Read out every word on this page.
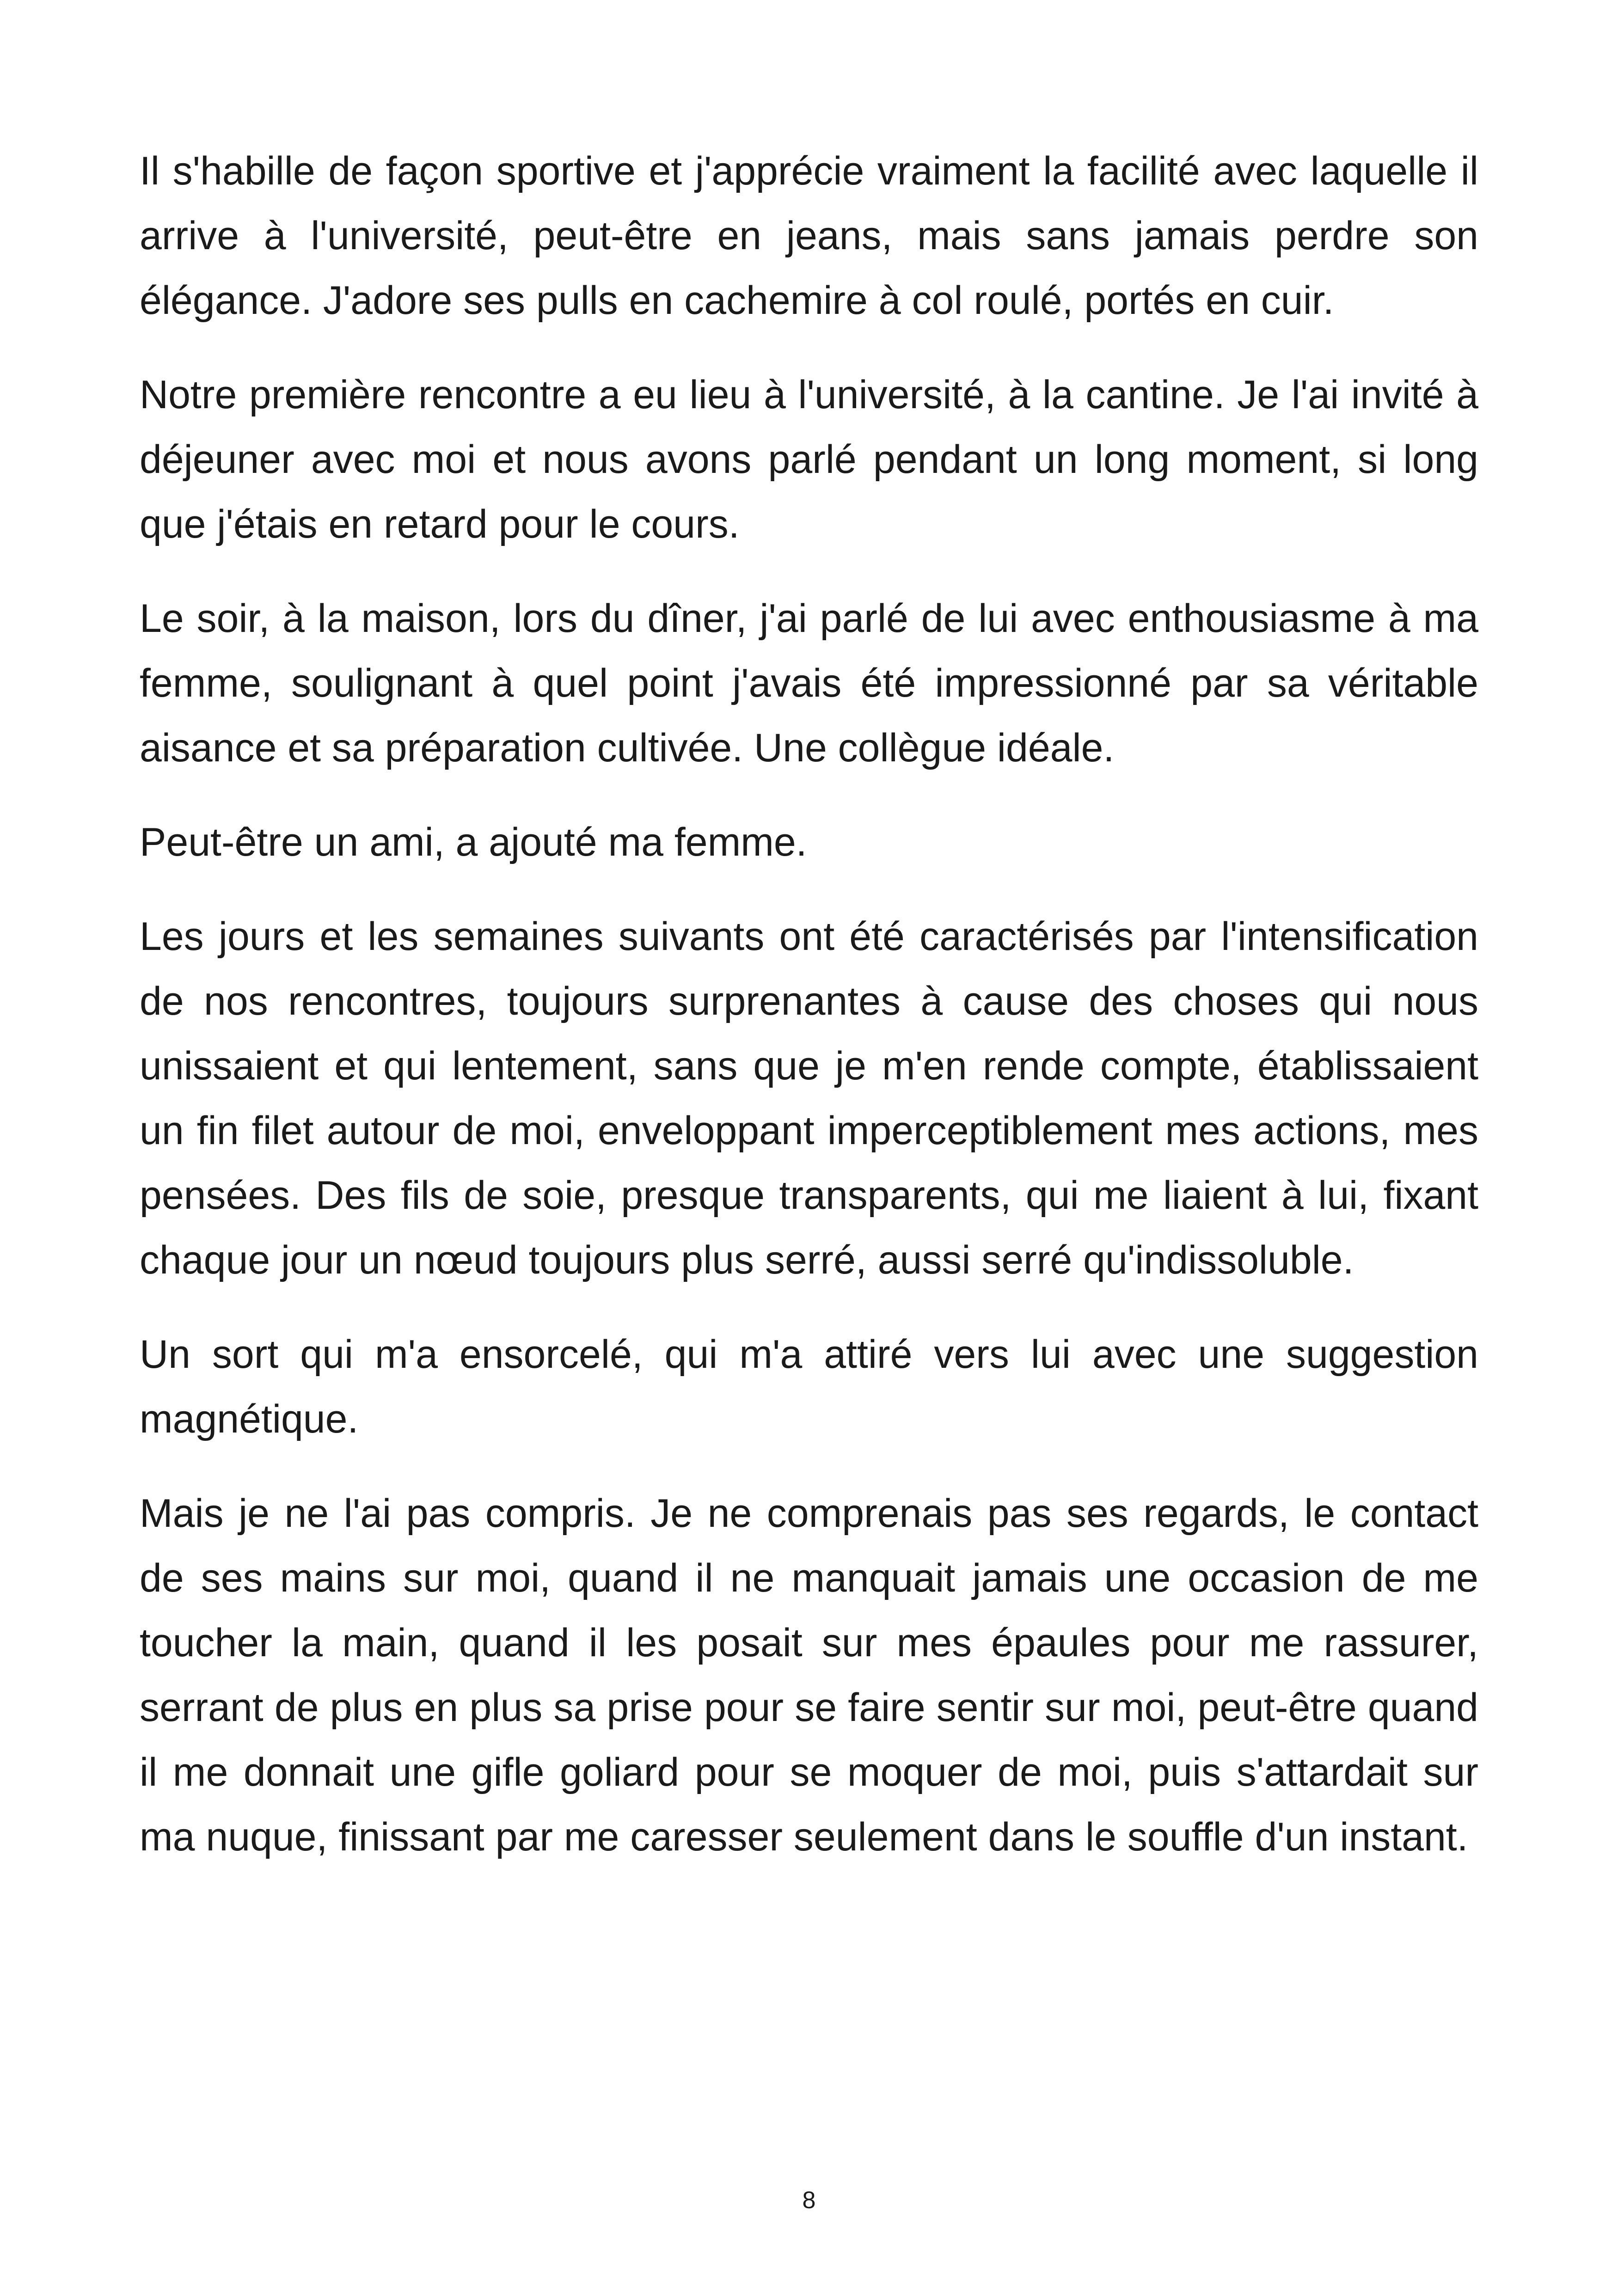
Il s'habille de façon sportive et j'apprécie vraiment la facilité avec laquelle il arrive à l'université, peut-être en jeans, mais sans jamais perdre son élégance. J'adore ses pulls en cachemire à col roulé, portés en cuir.

Notre première rencontre a eu lieu à l'université, à la cantine. Je l'ai invité à déjeuner avec moi et nous avons parlé pendant un long moment, si long que j'étais en retard pour le cours.

Le soir, à la maison, lors du dîner, j'ai parlé de lui avec enthousiasme à ma femme, soulignant à quel point j'avais été impressionné par sa véritable aisance et sa préparation cultivée. Une collègue idéale.

Peut-être un ami, a ajouté ma femme.

Les jours et les semaines suivants ont été caractérisés par l'intensification de nos rencontres, toujours surprenantes à cause des choses qui nous unissaient et qui lentement, sans que je m'en rende compte, établissaient un fin filet autour de moi, enveloppant imperceptiblement mes actions, mes pensées. Des fils de soie, presque transparents, qui me liaient à lui, fixant chaque jour un nœud toujours plus serré, aussi serré qu'indissoluble.

Un sort qui m'a ensorcelé, qui m'a attiré vers lui avec une suggestion magnétique.

Mais je ne l'ai pas compris. Je ne comprenais pas ses regards, le contact de ses mains sur moi, quand il ne manquait jamais une occasion de me toucher la main, quand il les posait sur mes épaules pour me rassurer, serrant de plus en plus sa prise pour se faire sentir sur moi, peut-être quand il me donnait une gifle goliard pour se moquer de moi, puis s'attardait sur ma nuque, finissant par me caresser seulement dans le souffle d'un instant.

8
